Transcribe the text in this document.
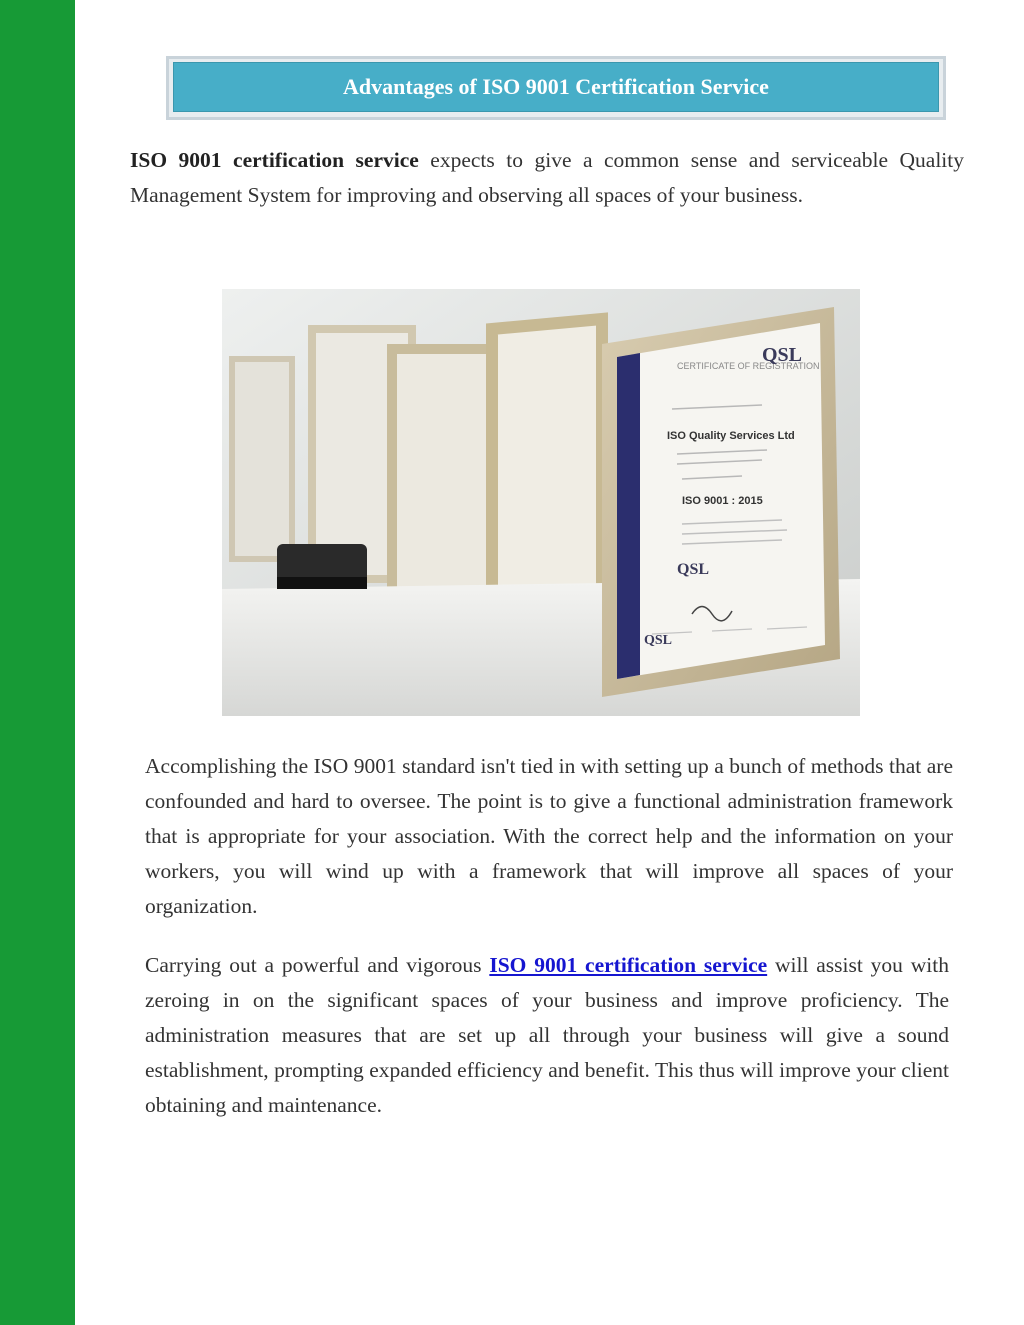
Advantages of ISO 9001 Certification Service

ISO 9001 certification service expects to give a common sense and serviceable Quality Management System for improving and observing all spaces of your business.

CERTIFICATE OF REGISTRATION
QSL
ISO Quality Services Ltd
ISO 9001 : 2015
QSL
QSL

Accomplishing the ISO 9001 standard isn't tied in with setting up a bunch of methods that are confounded and hard to oversee. The point is to give a functional administration framework that is appropriate for your association. With the correct help and the information on your workers, you will wind up with a framework that will improve all spaces of your organization.

Carrying out a powerful and vigorous ISO 9001 certification service will assist you with zeroing in on the significant spaces of your business and improve proficiency. The administration measures that are set up all through your business will give a sound establishment, prompting expanded efficiency and benefit. This thus will improve your client obtaining and maintenance.
